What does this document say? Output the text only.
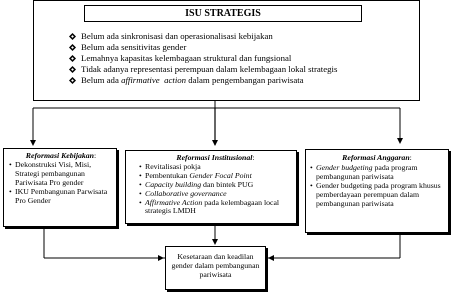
ISU STRATEGIS
Belum ada sinkronisasi dan operasionalisasi kebijakan
Belum ada sensitivitas gender
Lemahnya kapasitas kelembagaan struktural dan fungsional
Tidak adanya representasi perempuan dalam kelembagaan lokal strategis
Belum ada affirmative  action dalam pengembangan pariwisata
Reformasi Kebijakan:
• Dekonstruksi Visi, Misi, Strategi pembangunan Pariwisata Pro gender
• IKU Pembangunan Parwisata Pro Gender
Reformasi Institusional:
• Revitalisasi pokja
• Pembentukan Gender Focal Point
• Capacity building dan bintek PUG
• Collaborative governance
• Affirmative Action pada kelembagaan local strategis LMDH
Reformasi Anggaran:
• Gender budgeting pada program pembangunan pariwisata
• Gender budgeting pada program khusus pemberdayaan perempuan dalam pembangunan pariwisata
Kesetaraan dan keadilan gender dalam pembangunan pariwisata
